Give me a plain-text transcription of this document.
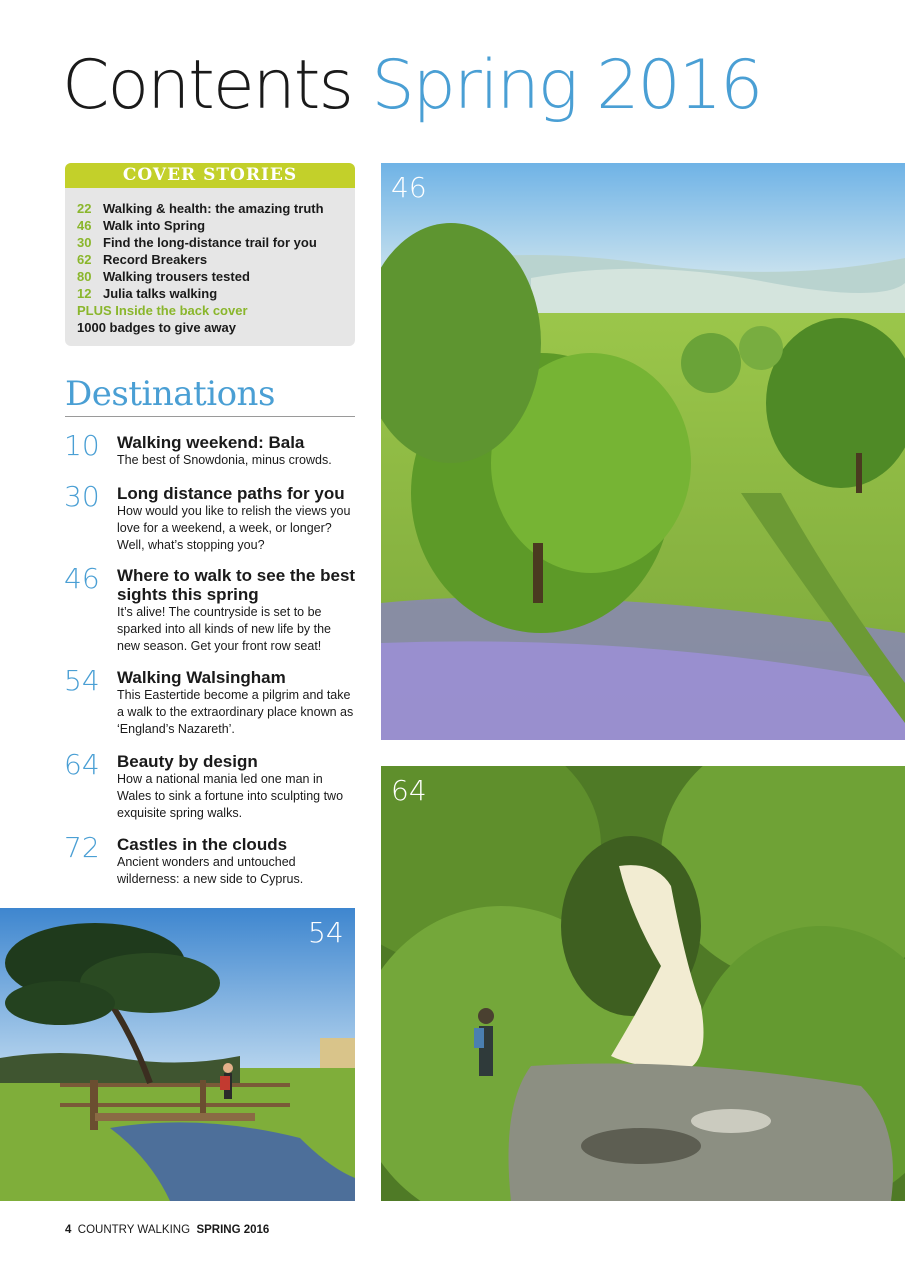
Contents Spring 2016
COVER STORIES
22 Walking & health: the amazing truth
46 Walk into Spring
30 Find the long-distance trail for you
62 Record Breakers
80 Walking trousers tested
12 Julia talks walking
PLUS Inside the back cover
1000 badges to give away
Destinations
10 Walking weekend: Bala

The best of Snowdonia, minus crowds.

30 Long distance paths for you

How would you like to relish the views you love for a weekend, a week, or longer? Well, what’s stopping you?

46 Where to walk to see the best sights this spring

It’s alive! The countryside is set to be sparked into all kinds of new life by the new season. Get your front row seat!

54 Walking Walsingham

This Eastertide become a pilgrim and take a walk to the extraordinary place known as ‘England’s Nazareth’.

64 Beauty by design

How a national mania led one man in Wales to sink a fortune into sculpting two exquisite spring walks.

72 Castles in the clouds

Ancient wonders and untouched wilderness: a new side to Cyprus.

46
64
54
4 COUNTRY WALKING SPRING 2016
